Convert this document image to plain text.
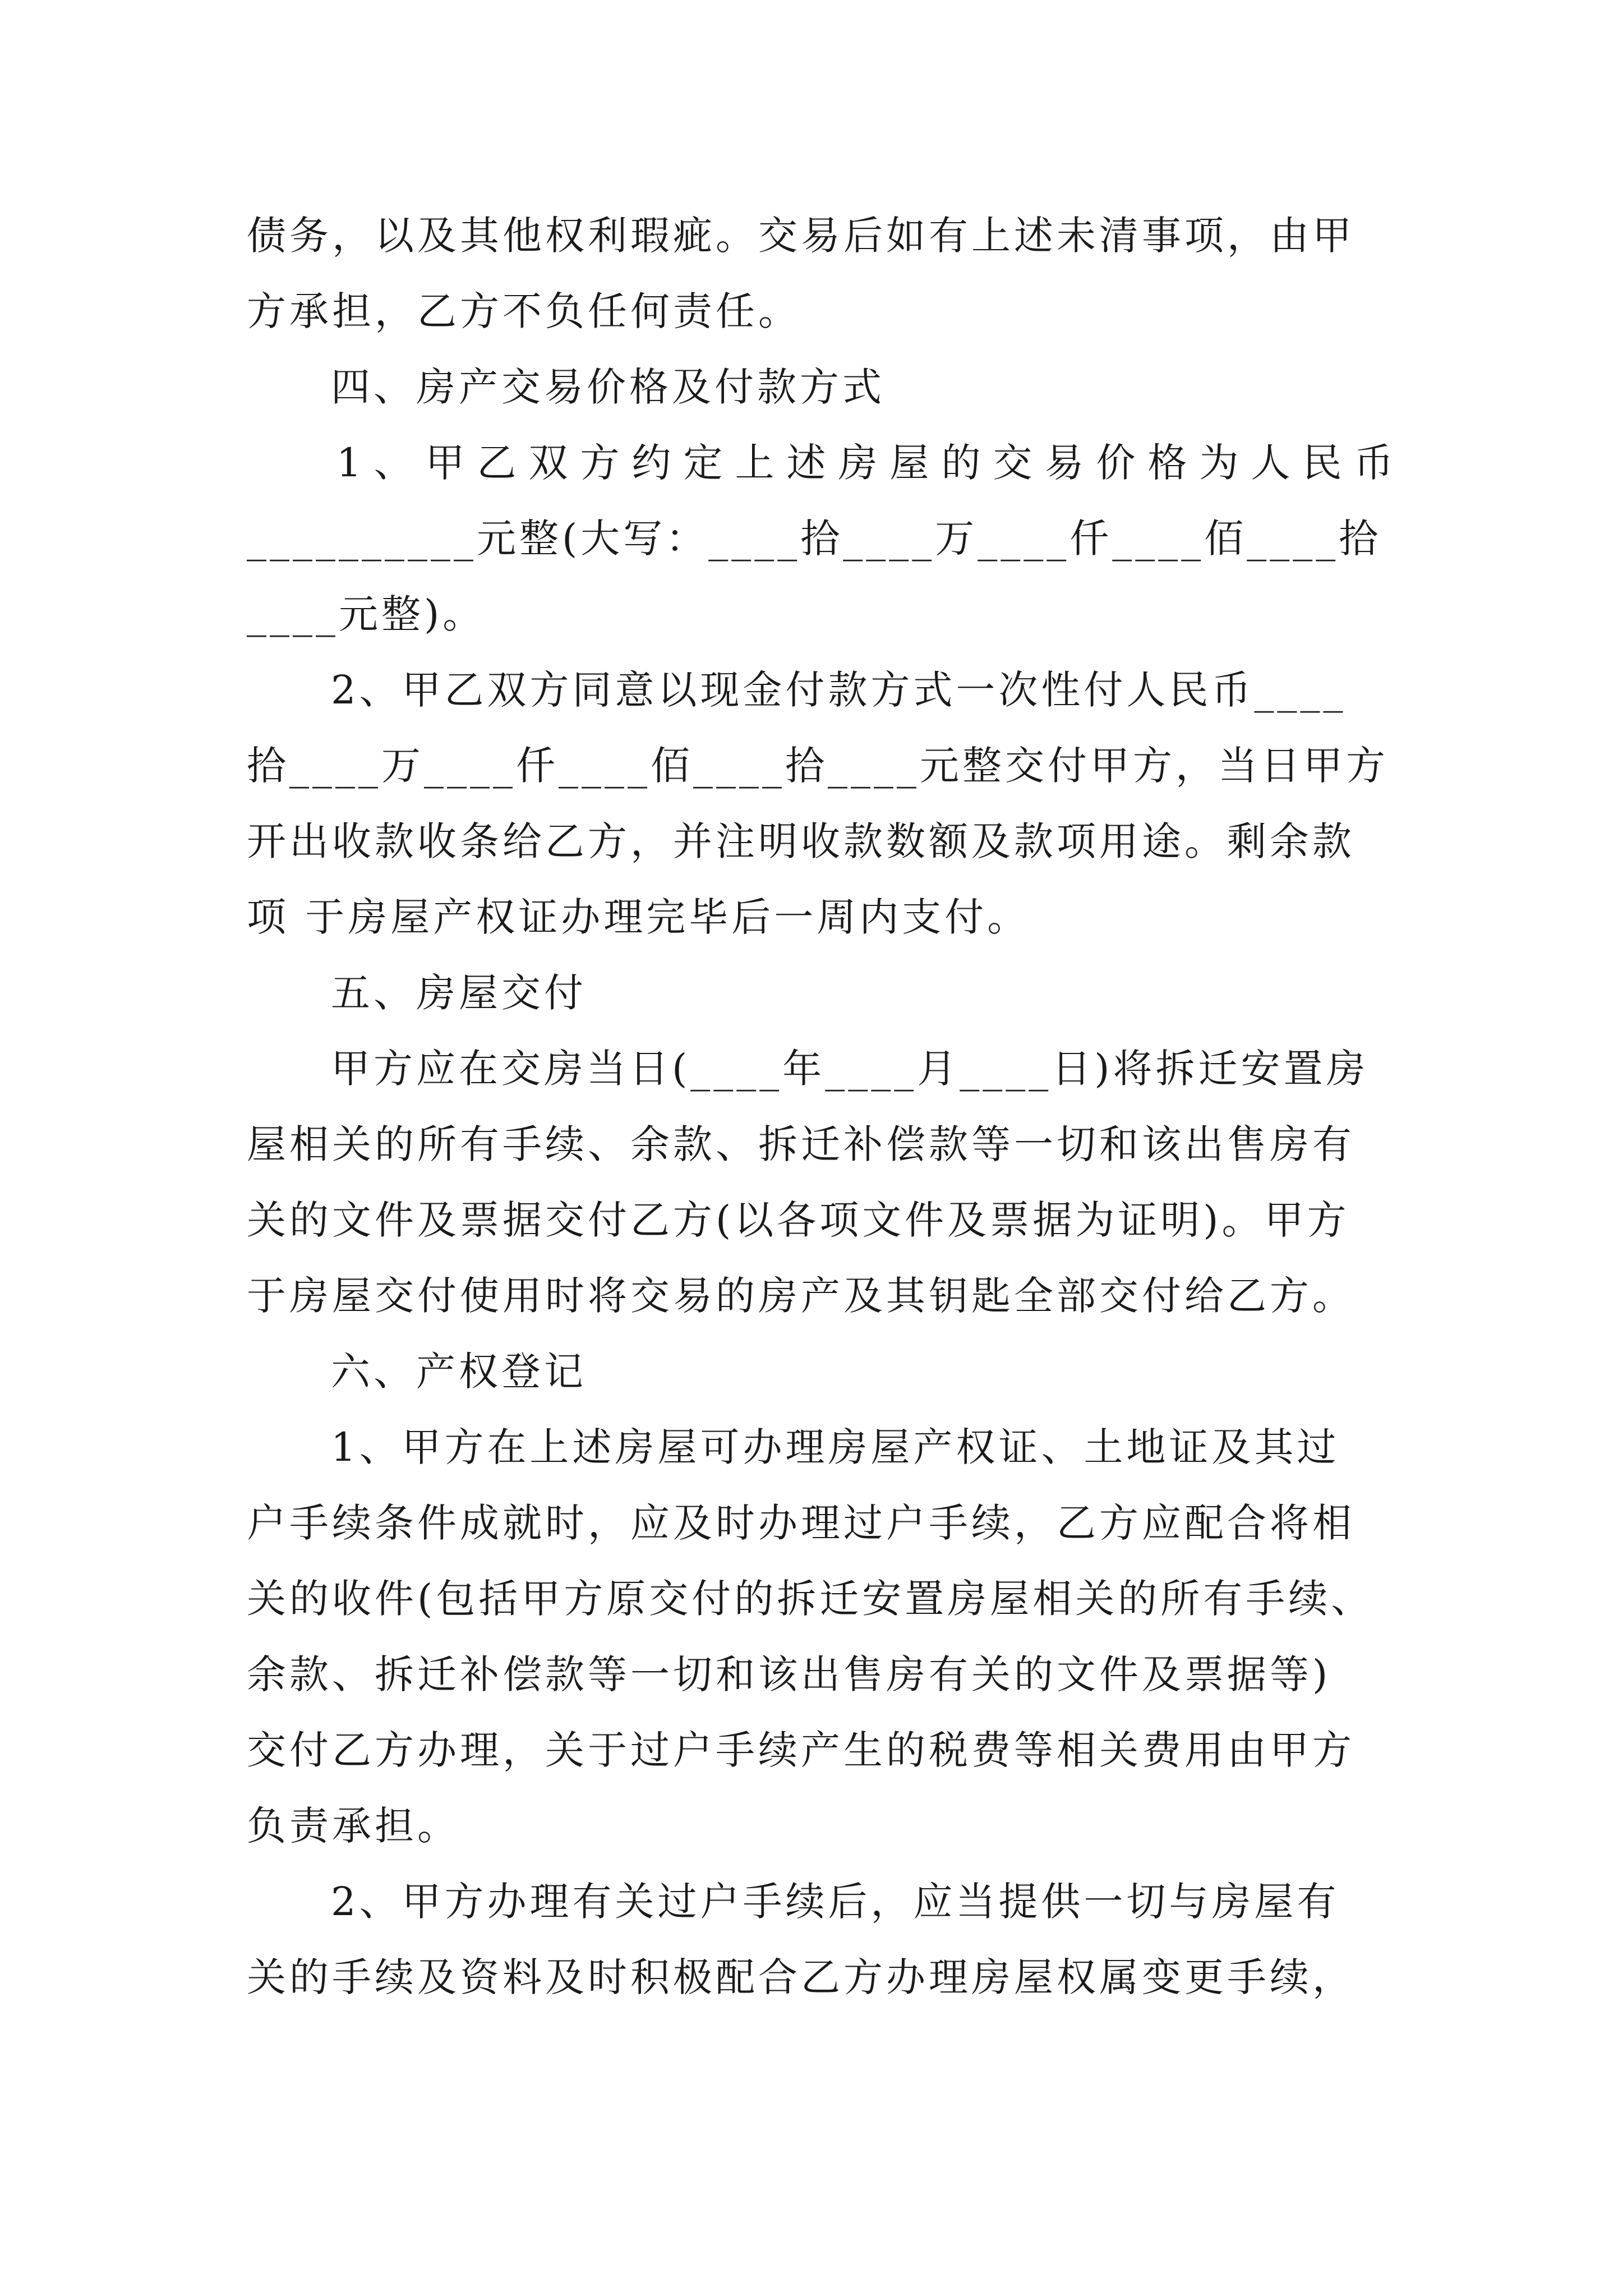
债务，以及其他权利瑕疵。交易后如有上述未清事项，由甲
方承担，乙方不负任何责任。
四、房产交易价格及付款方式
1、甲乙双方约定上述房屋的交易价格为人民币
__________元整(大写：____拾____万____仟____佰____拾
____元整)。
2、甲乙双方同意以现金付款方式一次性付人民币____
拾____万____仟____佰____拾____元整交付甲方，当日甲方
开出收款收条给乙方，并注明收款数额及款项用途。剩余款
项 于房屋产权证办理完毕后一周内支付。
五、房屋交付
甲方应在交房当日(____年____月____日)将拆迁安置房
屋相关的所有手续、余款、拆迁补偿款等一切和该出售房有
关的文件及票据交付乙方(以各项文件及票据为证明)。甲方
于房屋交付使用时将交易的房产及其钥匙全部交付给乙方。
六、产权登记
1、甲方在上述房屋可办理房屋产权证、土地证及其过
户手续条件成就时，应及时办理过户手续，乙方应配合将相
关的收件(包括甲方原交付的拆迁安置房屋相关的所有手续、
余款、拆迁补偿款等一切和该出售房有关的文件及票据等)
交付乙方办理，关于过户手续产生的税费等相关费用由甲方
负责承担。
2、甲方办理有关过户手续后，应当提供一切与房屋有
关的手续及资料及时积极配合乙方办理房屋权属变更手续，
